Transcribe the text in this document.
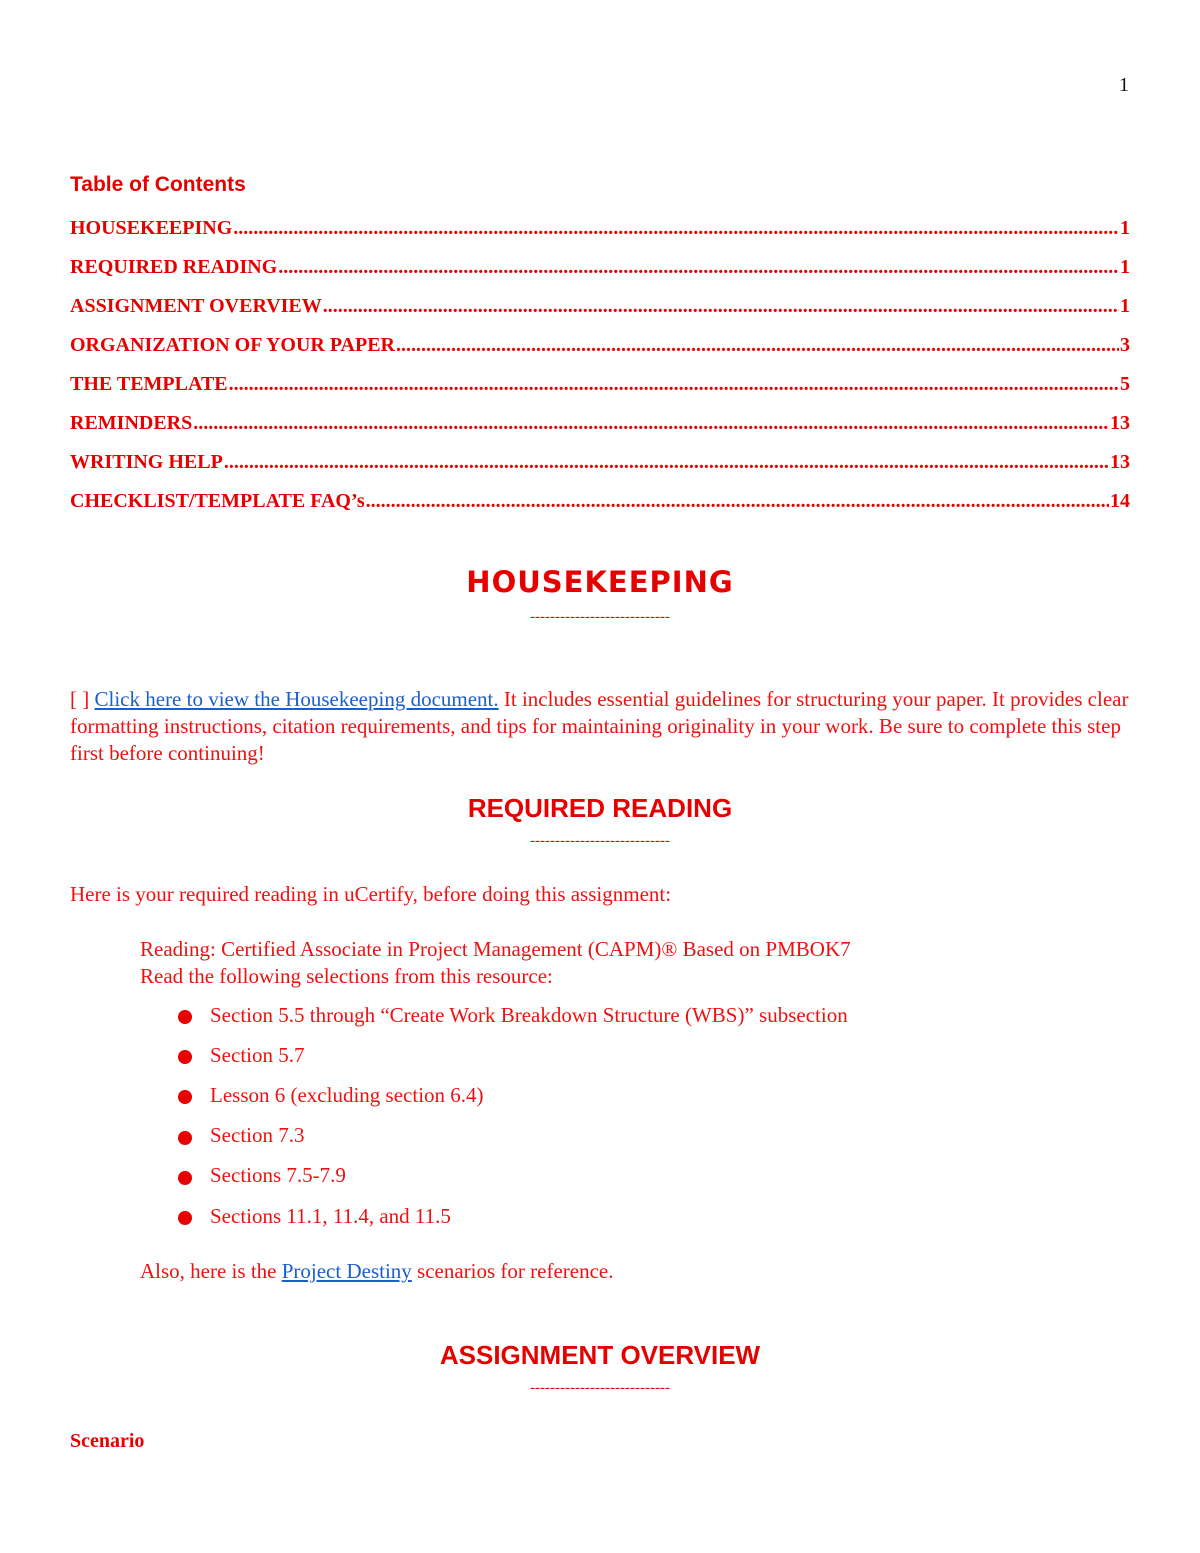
1
Table of Contents
HOUSEKEEPING .....	1
REQUIRED READING .....	1
ASSIGNMENT OVERVIEW .....	1
ORGANIZATION OF YOUR PAPER .....	3
THE TEMPLATE .....	5
REMINDERS .....	13
WRITING HELP .....	13
CHECKLIST/TEMPLATE FAQ’s .....	14
HOUSEKEEPING
----------------------------

[ ] Click here to view the Housekeeping document. It includes essential guidelines for structuring your paper. It provides clear formatting instructions, citation requirements, and tips for maintaining originality in your work. Be sure to complete this step first before continuing!

REQUIRED READING
----------------------------

Here is your required reading in uCertify, before doing this assignment:

Reading: Certified Associate in Project Management (CAPM)® Based on PMBOK7
Read the following selections from this resource:
Section 5.5 through “Create Work Breakdown Structure (WBS)” subsection
Section 5.7
Lesson 6 (excluding section 6.4)
Section 7.3
Sections 7.5-7.9
Sections 11.1, 11.4, and 11.5
Also, here is the Project Destiny scenarios for reference.
ASSIGNMENT OVERVIEW
----------------------------
Scenario
